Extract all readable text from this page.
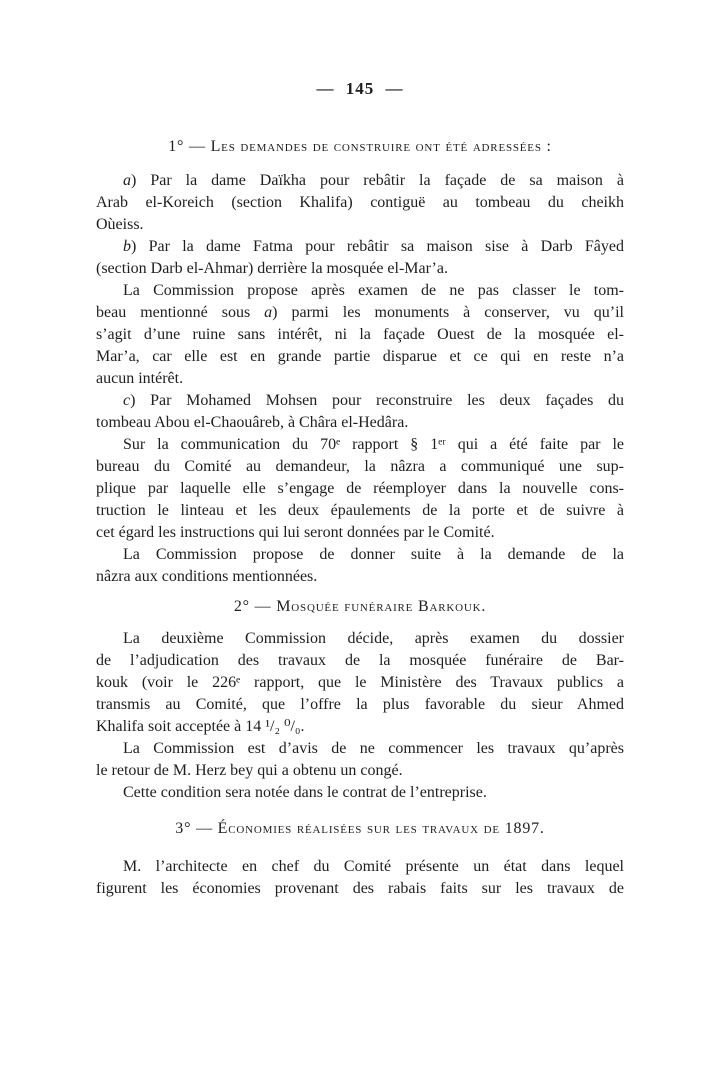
— 145 —
1° — Les demandes de construire ont été adressées :
a) Par la dame Daïkha pour rebâtir la façade de sa maison à
Arab el-Koreich (section Khalifa) contiguë au tombeau du cheikh
Oùeiss.
b) Par la dame Fatma pour rebâtir sa maison sise à Darb Fâyed
(section Darb el-Ahmar) derrière la mosquée el-Mar’a.
La Commission propose après examen de ne pas classer le tom-
beau mentionné sous a) parmi les monuments à conserver, vu qu’il
s’agit d’une ruine sans intérêt, ni la façade Ouest de la mosquée el-
Mar’a, car elle est en grande partie disparue et ce qui en reste n’a
aucun intérêt.
c) Par Mohamed Mohsen pour reconstruire les deux façades du
tombeau Abou el-Chaouâreb, à Châra el-Hedâra.
Sur la communication du 70ᵉ rapport § 1ᵉʳ qui a été faite par le
bureau du Comité au demandeur, la nâzra a communiqué une sup-
plique par laquelle elle s’engage de réemployer dans la nouvelle cons-
truction le linteau et les deux épaulements de la porte et de suivre à
cet égard les instructions qui lui seront données par le Comité.
La Commission propose de donner suite à la demande de la
nâzra aux conditions mentionnées.
2° — Mosquée funéraire Barkouk.
La deuxième Commission décide, après examen du dossier
de l’adjudication des travaux de la mosquée funéraire de Bar-
kouk (voir le 226ᵉ rapport, que le Ministère des Travaux publics a
transmis au Comité, que l’offre la plus favorable du sieur Ahmed
Khalifa soit acceptée à 14 ¹/₂ ⁰/₀.
La Commission est d’avis de ne commencer les travaux qu’après
le retour de M. Herz bey qui a obtenu un congé.
Cette condition sera notée dans le contrat de l’entreprise.
3° — Économies réalisées sur les travaux de 1897.
M. l’architecte en chef du Comité présente un état dans lequel
figurent les économies provenant des rabais faits sur les travaux de
